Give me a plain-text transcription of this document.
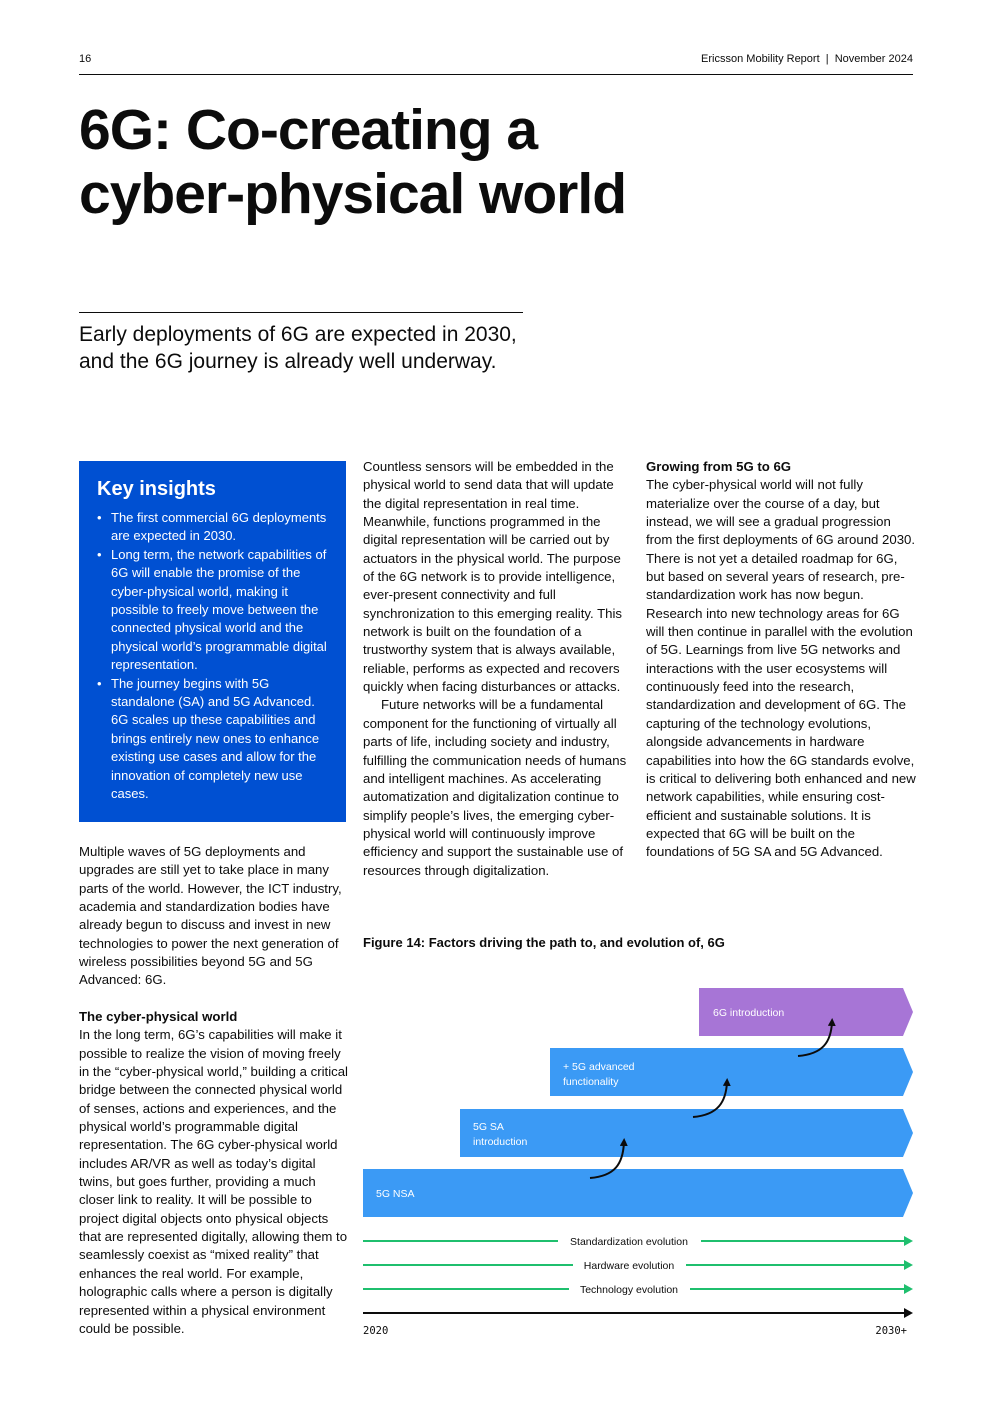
16	Ericsson Mobility Report  |  November 2024
6G: Co-creating a
cyber-physical world

Early deployments of 6G are expected in 2030,
and the 6G journey is already well underway.

Key insights
• The first commercial 6G deployments are expected in 2030.
• Long term, the network capabilities of 6G will enable the promise of the cyber-physical world, making it possible to freely move between the connected physical world and the physical world’s programmable digital representation.
• The journey begins with 5G standalone (SA) and 5G Advanced. 6G scales up these capabilities and brings entirely new ones to enhance existing use cases and allow for the innovation of completely new use cases.

Multiple waves of 5G deployments and upgrades are still yet to take place in many parts of the world. However, the ICT industry, academia and standardization bodies have already begun to discuss and invest in new technologies to power the next generation of wireless possibilities beyond 5G and 5G Advanced: 6G.

The cyber-physical world

In the long term, 6G’s capabilities will make it possible to realize the vision of moving freely in the “cyber-physical world,” building a critical bridge between the connected physical world of senses, actions and experiences, and the physical world’s programmable digital representation. The 6G cyber-physical world includes AR/VR as well as today’s digital twins, but goes further, providing a much closer link to reality. It will be possible to project digital objects onto physical objects that are represented digitally, allowing them to seamlessly coexist as “mixed reality” that enhances the real world. For example, holographic calls where a person is digitally represented within a physical environment could be possible.

Countless sensors will be embedded in the physical world to send data that will update the digital representation in real time. Meanwhile, functions programmed in the digital representation will be carried out by actuators in the physical world. The purpose of the 6G network is to provide intelligence, ever-present connectivity and full synchronization to this emerging reality. This network is built on the foundation of a trustworthy system that is always available, reliable, performs as expected and recovers quickly when facing disturbances or attacks.

Future networks will be a fundamental component for the functioning of virtually all parts of life, including society and industry, fulfilling the communication needs of humans and intelligent machines. As accelerating automatization and digitalization continue to simplify people’s lives, the emerging cyber-physical world will continuously improve efficiency and support the sustainable use of resources through digitalization.

Growing from 5G to 6G

The cyber-physical world will not fully materialize over the course of a day, but instead, we will see a gradual progression from the first deployments of 6G around 2030. There is not yet a detailed roadmap for 6G, but based on several years of research, pre-standardization work has now begun. Research into new technology areas for 6G will then continue in parallel with the evolution of 5G. Learnings from live 5G networks and interactions with the user ecosystems will continuously feed into the research, standardization and development of 6G. The capturing of the technology evolutions, alongside advancements in hardware capabilities into how the 6G standards evolve, is critical to delivering both enhanced and new network capabilities, while ensuring cost-efficient and sustainable solutions. It is expected that 6G will be built on the foundations of 5G SA and 5G Advanced.

Figure 14: Factors driving the path to, and evolution of, 6G
5G NSA
5G SA
introduction
+ 5G advanced
functionality
6G introduction
Standardization evolution
Hardware evolution
Technology evolution
2020	2030+
